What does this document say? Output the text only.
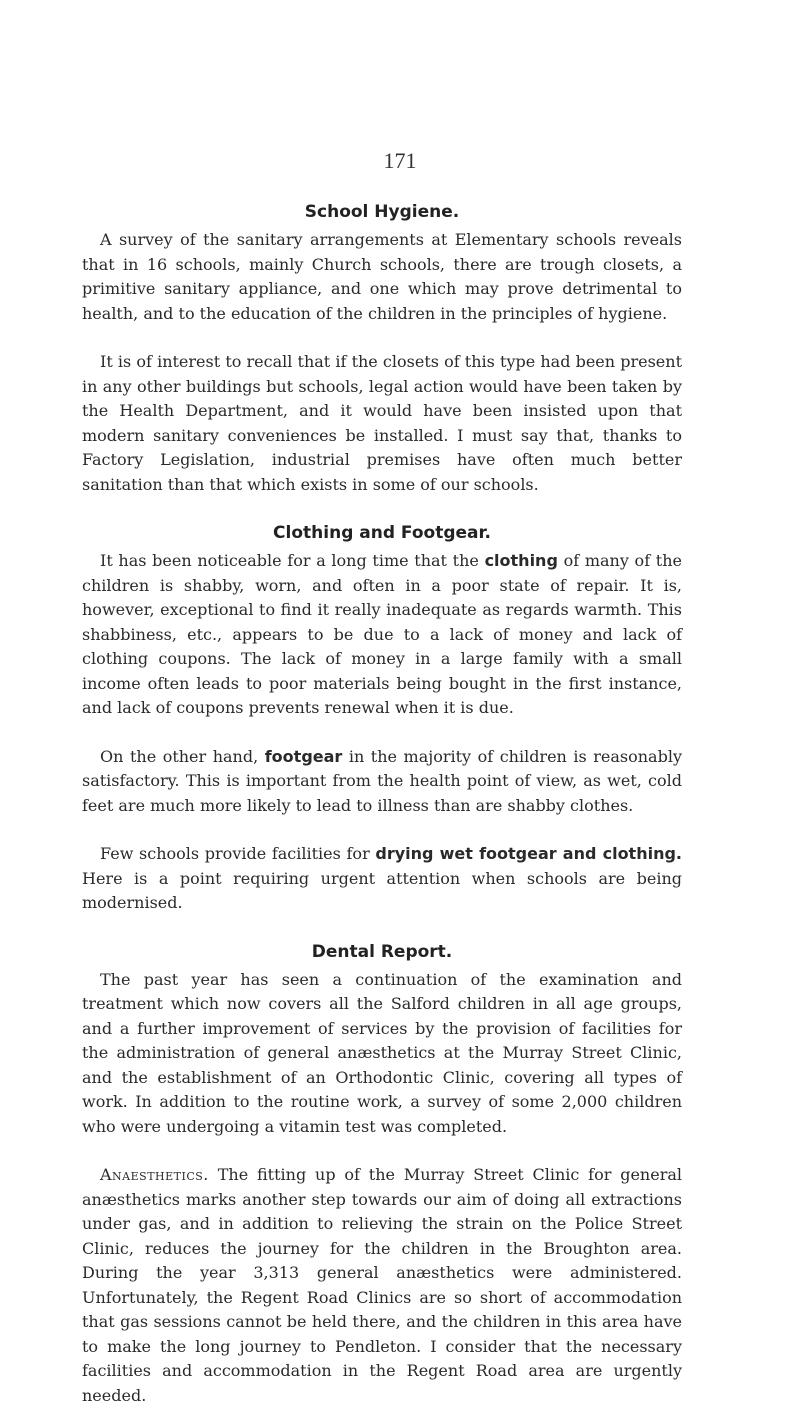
171
School Hygiene.

A survey of the sanitary arrangements at Elementary schools reveals that in 16 schools, mainly Church schools, there are trough closets, a primitive sanitary appliance, and one which may prove detrimental to health, and to the education of the children in the principles of hygiene.

It is of interest to recall that if the closets of this type had been present in any other buildings but schools, legal action would have been taken by the Health Department, and it would have been insisted upon that modern sanitary conveniences be installed. I must say that, thanks to Factory Legislation, industrial premises have often much better sanitation than that which exists in some of our schools.

Clothing and Footgear.

It has been noticeable for a long time that the clothing of many of the children is shabby, worn, and often in a poor state of repair. It is, however, exceptional to find it really inadequate as regards warmth. This shabbiness, etc., appears to be due to a lack of money and lack of clothing coupons. The lack of money in a large family with a small income often leads to poor materials being bought in the first instance, and lack of coupons prevents renewal when it is due.

On the other hand, footgear in the majority of children is reasonably satisfactory. This is important from the health point of view, as wet, cold feet are much more likely to lead to illness than are shabby clothes.

Few schools provide facilities for drying wet footgear and clothing. Here is a point requiring urgent attention when schools are being modernised.

Dental Report.

The past year has seen a continuation of the examination and treatment which now covers all the Salford children in all age groups, and a further improvement of services by the provision of facilities for the administration of general anæsthetics at the Murray Street Clinic, and the establishment of an Orthodontic Clinic, covering all types of work. In addition to the routine work, a survey of some 2,000 children who were undergoing a vitamin test was completed.

Anaesthetics. The fitting up of the Murray Street Clinic for general anæsthetics marks another step towards our aim of doing all extractions under gas, and in addition to relieving the strain on the Police Street Clinic, reduces the journey for the children in the Broughton area. During the year 3,313 general anæsthetics were administered. Unfortunately, the Regent Road Clinics are so short of accommodation that gas sessions cannot be held there, and the children in this area have to make the long journey to Pendleton. I consider that the necessary facilities and accommodation in the Regent Road area are urgently needed.
